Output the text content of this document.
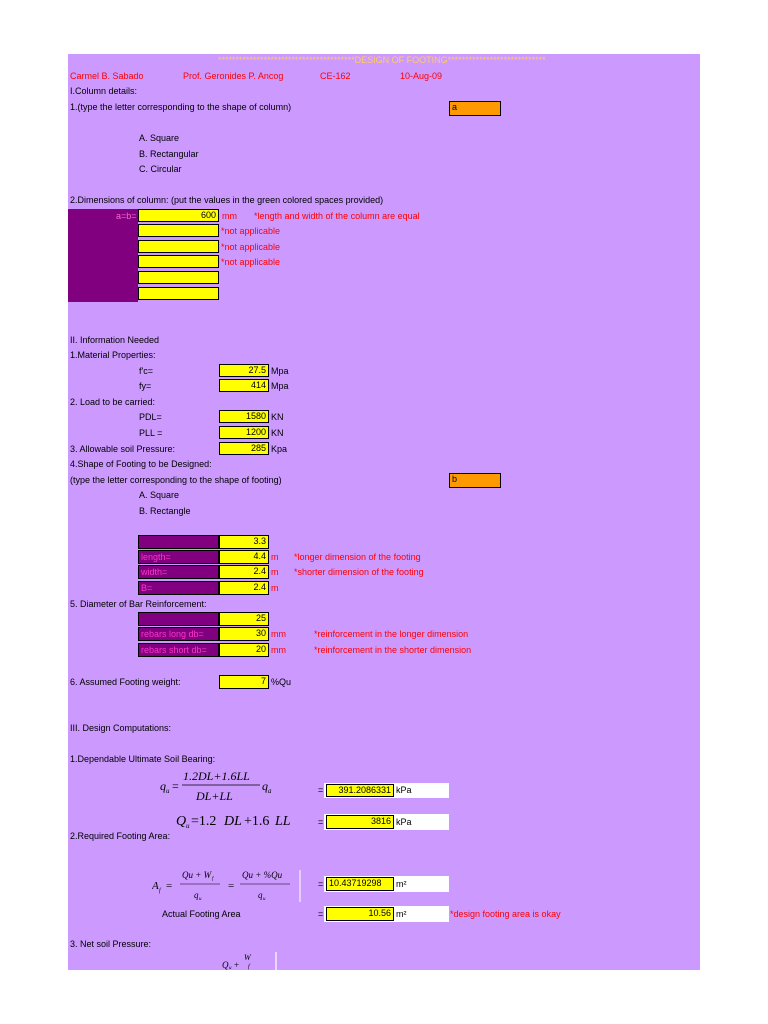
***************************************DESIGN OF FOOTING****************************
Carmel B. Sabado	Prof. Geronides P. Ancog	CE-162	10-Aug-09
I.Column details:
1.(type the letter corresponding to the shape of column)	a
A. Square
B. Rectangular
C. Circular
2.Dimensions of column: (put the values in the green colored spaces provided)
a=b=	600 mm *length and width of the column are equal
*not applicable
*not applicable
*not applicable
II. Information Needed
1.Material Properties:
f'c=	27.5 Mpa
fy=	414 Mpa
2. Load to be carried:
PDL=	1580 KN
PLL =	1200 KN
3. Allowable soil Pressure:	285 Kpa
4.Shape of Footing to be Designed:
(type the letter corresponding to the shape of footing)	b
A. Square
B. Rectangle
3.3
length=	4.4 m *longer dimension of the footing
width=	2.4 m *shorter dimension of the footing
B=	2.4 m
5. Diameter of Bar Reinforcement:
25
rebars long db=	30 mm	*reinforcement in the longer dimension
rebars short db=	20 mm	*reinforcement in the shorter dimension
6. Assumed Footing weight:	7 %Qu
III. Design Computations:
1.Dependable Ultimate Soil Bearing:
q u =
1.2DL+1.6LL
DL+LL
q a	=	391.2086331 kPa
Q u =1.2 DL +1.6 LL	=	3816 kPa
2.Required Footing Area:
A f =
Qu + W f
q u
=
Qu + %Qu
q u
= 10.43719298	m²
Actual Footing Area	=	10.56 m²	*design footing area is okay
3. Net soil Pressure:
Q u +
W
f
